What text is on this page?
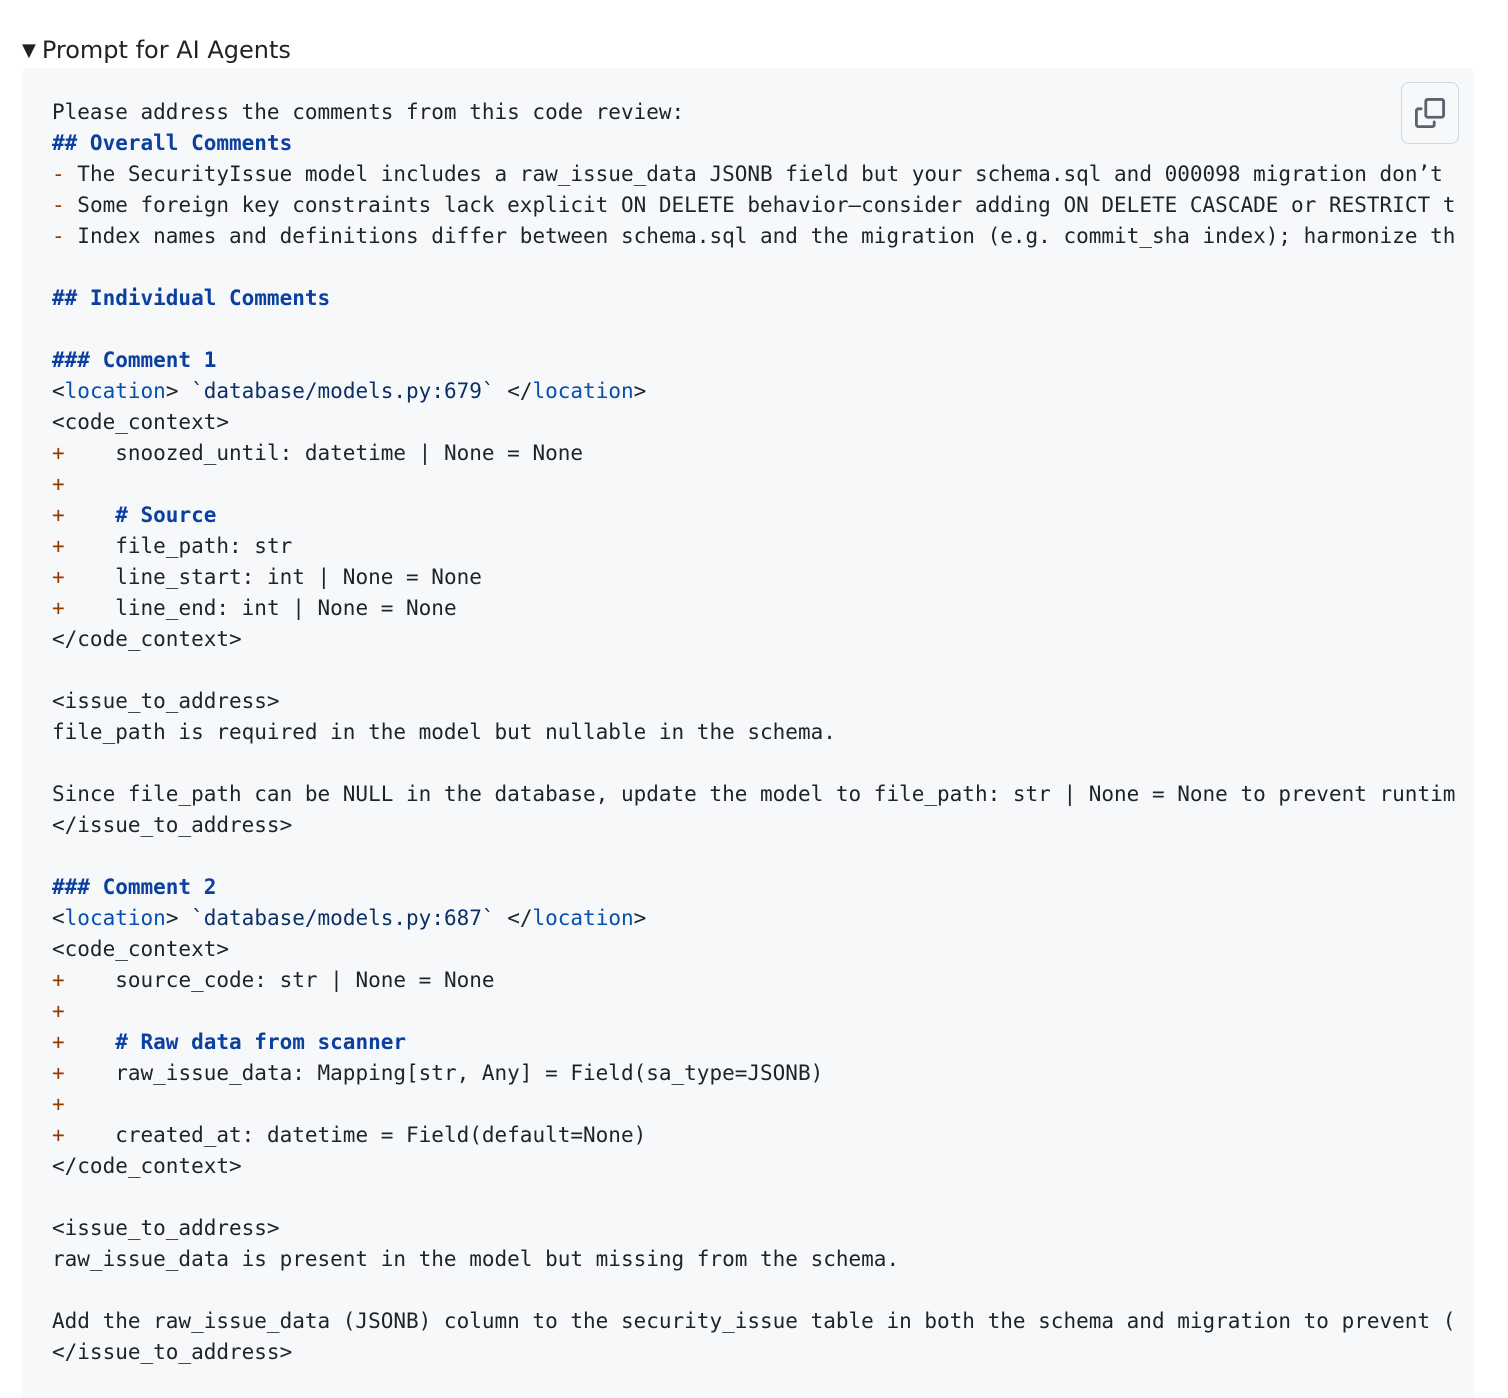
▼ Prompt for AI Agents
Please address the comments from this code review:
## Overall Comments
- The SecurityIssue model includes a raw_issue_data JSONB field but your schema.sql and 000098 migration don’t
- Some foreign key constraints lack explicit ON DELETE behavior—consider adding ON DELETE CASCADE or RESTRICT t
- Index names and definitions differ between schema.sql and the migration (e.g. commit_sha index); harmonize th
## Individual Comments
### Comment 1
<location> `database/models.py:679` </location>
<code_context>
+    snoozed_until: datetime | None = None
+
+ # Source
+    file_path: str
+    line_start: int | None = None
+    line_end: int | None = None
</code_context>
<issue_to_address>
file_path is required in the model but nullable in the schema.
Since file_path can be NULL in the database, update the model to file_path: str | None = None to prevent runtim
</issue_to_address>
### Comment 2
<location> `database/models.py:687` </location>
<code_context>
+    source_code: str | None = None
+
+ # Raw data from scanner
+    raw_issue_data: Mapping[str, Any] = Field(sa_type=JSONB)
+
+    created_at: datetime = Field(default=None)
</code_context>
<issue_to_address>
raw_issue_data is present in the model but missing from the schema.
Add the raw_issue_data (JSONB) column to the security_issue table in both the schema and migration to prevent (
</issue_to_address>
